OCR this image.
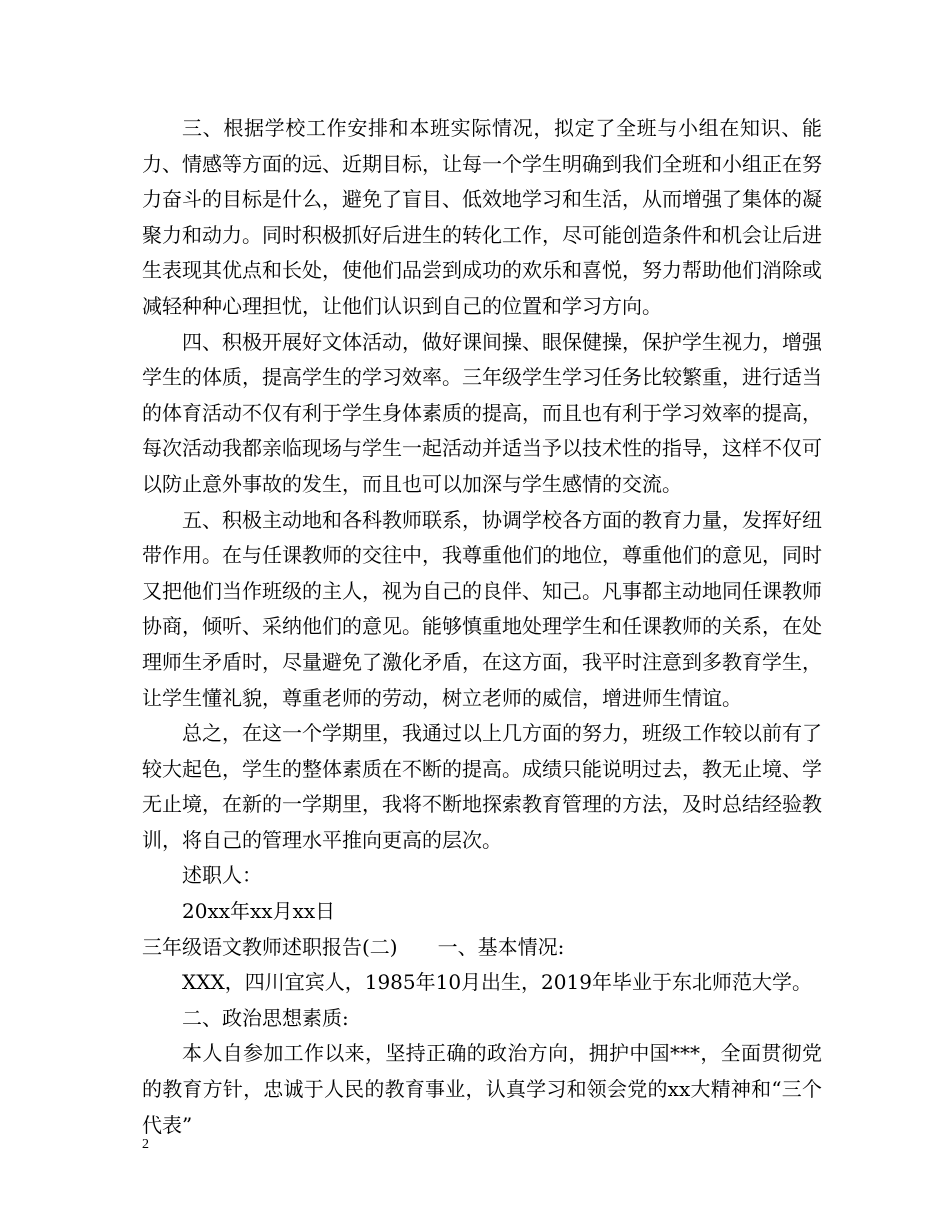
三、根据学校工作安排和本班实际情况，拟定了全班与小组在知识、能力、情感等方面的远、近期目标，让每一个学生明确到我们全班和小组正在努力奋斗的目标是什么，避免了盲目、低效地学习和生活，从而增强了集体的凝聚力和动力。同时积极抓好后进生的转化工作，尽可能创造条件和机会让后进生表现其优点和长处，使他们品尝到成功的欢乐和喜悦，努力帮助他们消除或减轻种种心理担忧，让他们认识到自己的位置和学习方向。

四、积极开展好文体活动，做好课间操、眼保健操，保护学生视力，增强学生的体质，提高学生的学习效率。三年级学生学习任务比较繁重，进行适当的体育活动不仅有利于学生身体素质的提高，而且也有利于学习效率的提高，每次活动我都亲临现场与学生一起活动并适当予以技术性的指导，这样不仅可以防止意外事故的发生，而且也可以加深与学生感情的交流。

五、积极主动地和各科教师联系，协调学校各方面的教育力量，发挥好纽带作用。在与任课教师的交往中，我尊重他们的地位，尊重他们的意见，同时又把他们当作班级的主人，视为自己的良伴、知己。凡事都主动地同任课教师协商，倾听、采纳他们的意见。能够慎重地处理学生和任课教师的关系，在处理师生矛盾时，尽量避免了激化矛盾，在这方面，我平时注意到多教育学生，让学生懂礼貌，尊重老师的劳动，树立老师的威信，增进师生情谊。

总之，在这一个学期里，我通过以上几方面的努力，班级工作较以前有了较大起色，学生的整体素质在不断的提高。成绩只能说明过去，教无止境、学无止境，在新的一学期里，我将不断地探索教育管理的方法，及时总结经验教训，将自己的管理水平推向更高的层次。

述职人：

20xx年xx月xx日

三年级语文教师述职报告(二)　　一、基本情况:

XXX，四川宜宾人，1985年10月出生，2019年毕业于东北师范大学。

二、政治思想素质:

本人自参加工作以来，坚持正确的政治方向，拥护中国***，全面贯彻党的教育方针，忠诚于人民的教育事业，认真学习和领会党的xx大精神和“三个代表”

2
